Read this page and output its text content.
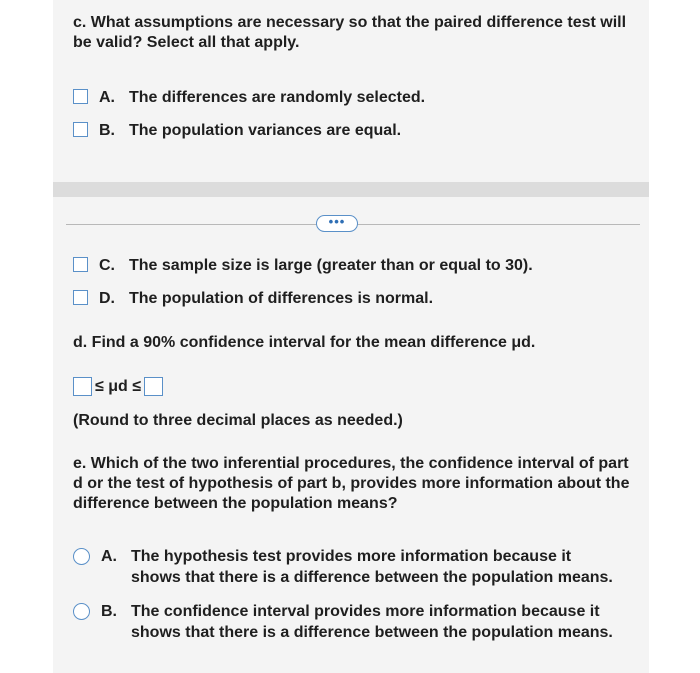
c. What assumptions are necessary so that the paired difference test will be valid? Select all that apply.
A. The differences are randomly selected.
B. The population variances are equal.
•••
C. The sample size is large (greater than or equal to 30).
D. The population of differences is normal.
d. Find a 90% confidence interval for the mean difference μd.
≤ μd ≤
(Round to three decimal places as needed.)
e. Which of the two inferential procedures, the confidence interval of part d or the test of hypothesis of part b, provides more information about the difference between the population means?
A. The hypothesis test provides more information because it shows that there is a difference between the population means.
B. The confidence interval provides more information because it shows that there is a difference between the population means.
